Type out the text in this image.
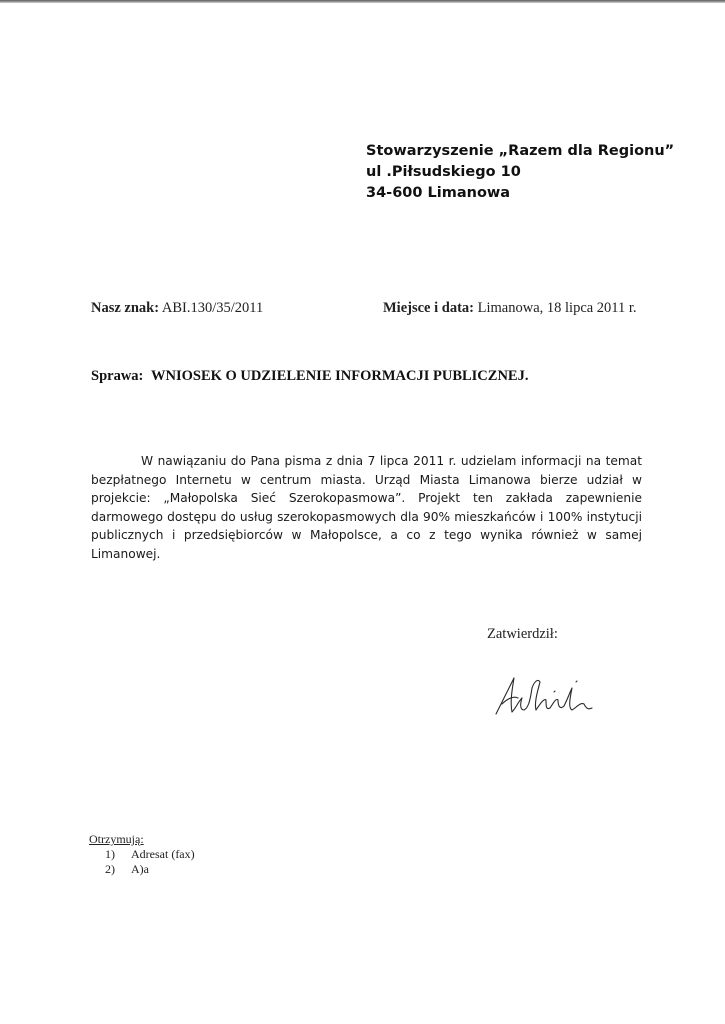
Stowarzyszenie „Razem dla Regionu”
ul .Piłsudskiego 10
34-600 Limanowa
Nasz znak: ABI.130/35/2011	Miejsce i data: Limanowa, 18 lipca 2011 r.
Sprawa: WNIOSEK O UDZIELENIE INFORMACJI PUBLICZNEJ.

W nawiązaniu do Pana pisma z dnia 7 lipca 2011 r. udzielam informacji na temat bezpłatnego Internetu w centrum miasta. Urząd Miasta Limanowa bierze udział w projekcie: „Małopolska Sieć Szerokopasmowa”. Projekt ten zakłada zapewnienie darmowego dostępu do usług szerokopasmowych dla 90% mieszkańców i 100% instytucji publicznych i przedsiębiorców w Małopolsce, a co z tego wynika również w samej Limanowej.

Zatwierdził:
Otrzymują:
1) Adresat (fax)
2) A)a
